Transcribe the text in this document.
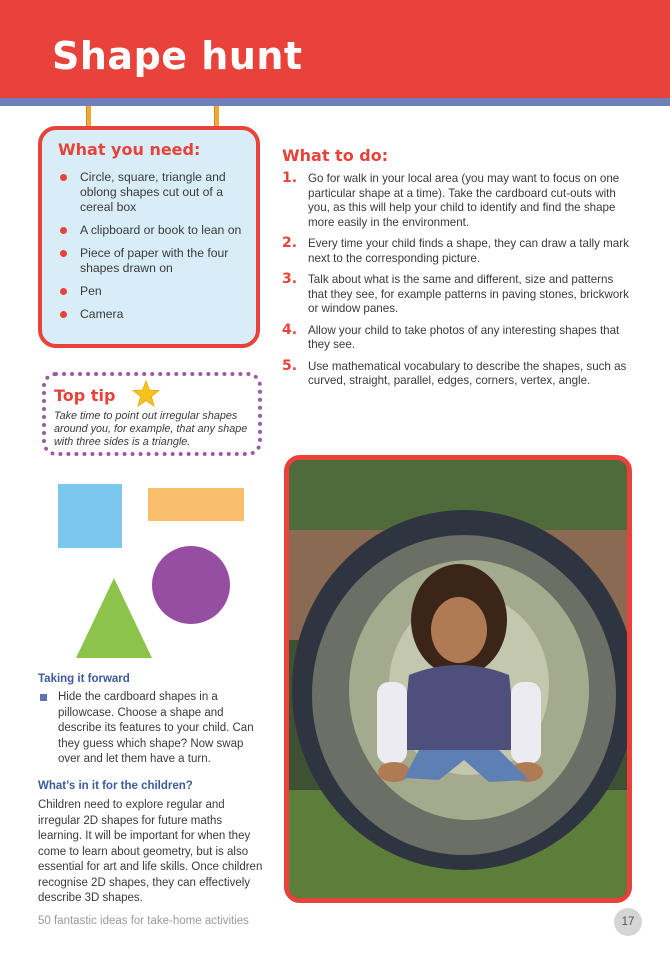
Shape hunt
What you need:
Circle, square, triangle and oblong shapes cut out of a cereal box
A clipboard or book to lean on
Piece of paper with the four shapes drawn on
Pen
Camera
Top tip
Take time to point out irregular shapes around you, for example, that any shape with three sides is a triangle.
What to do:
1. Go for walk in your local area (you may want to focus on one particular shape at a time). Take the cardboard cut-outs with you, as this will help your child to identify and find the shape more easily in the environment.
2. Every time your child finds a shape, they can draw a tally mark next to the corresponding picture.
3. Talk about what is the same and different, size and patterns that they see, for example patterns in paving stones, brickwork or window panes.
4. Allow your child to take photos of any interesting shapes that they see.
5. Use mathematical vocabulary to describe the shapes, such as curved, straight, parallel, edges, corners, vertex, angle.
Taking it forward
Hide the cardboard shapes in a pillowcase. Choose a shape and describe its features to your child. Can they guess which shape? Now swap over and let them have a turn.
What’s in it for the children?
Children need to explore regular and irregular 2D shapes for future maths learning. It will be important for when they come to learn about geometry, but is also essential for art and life skills. Once children recognise 2D shapes, they can effectively describe 3D shapes.
50 fantastic ideas for take-home activities	17
